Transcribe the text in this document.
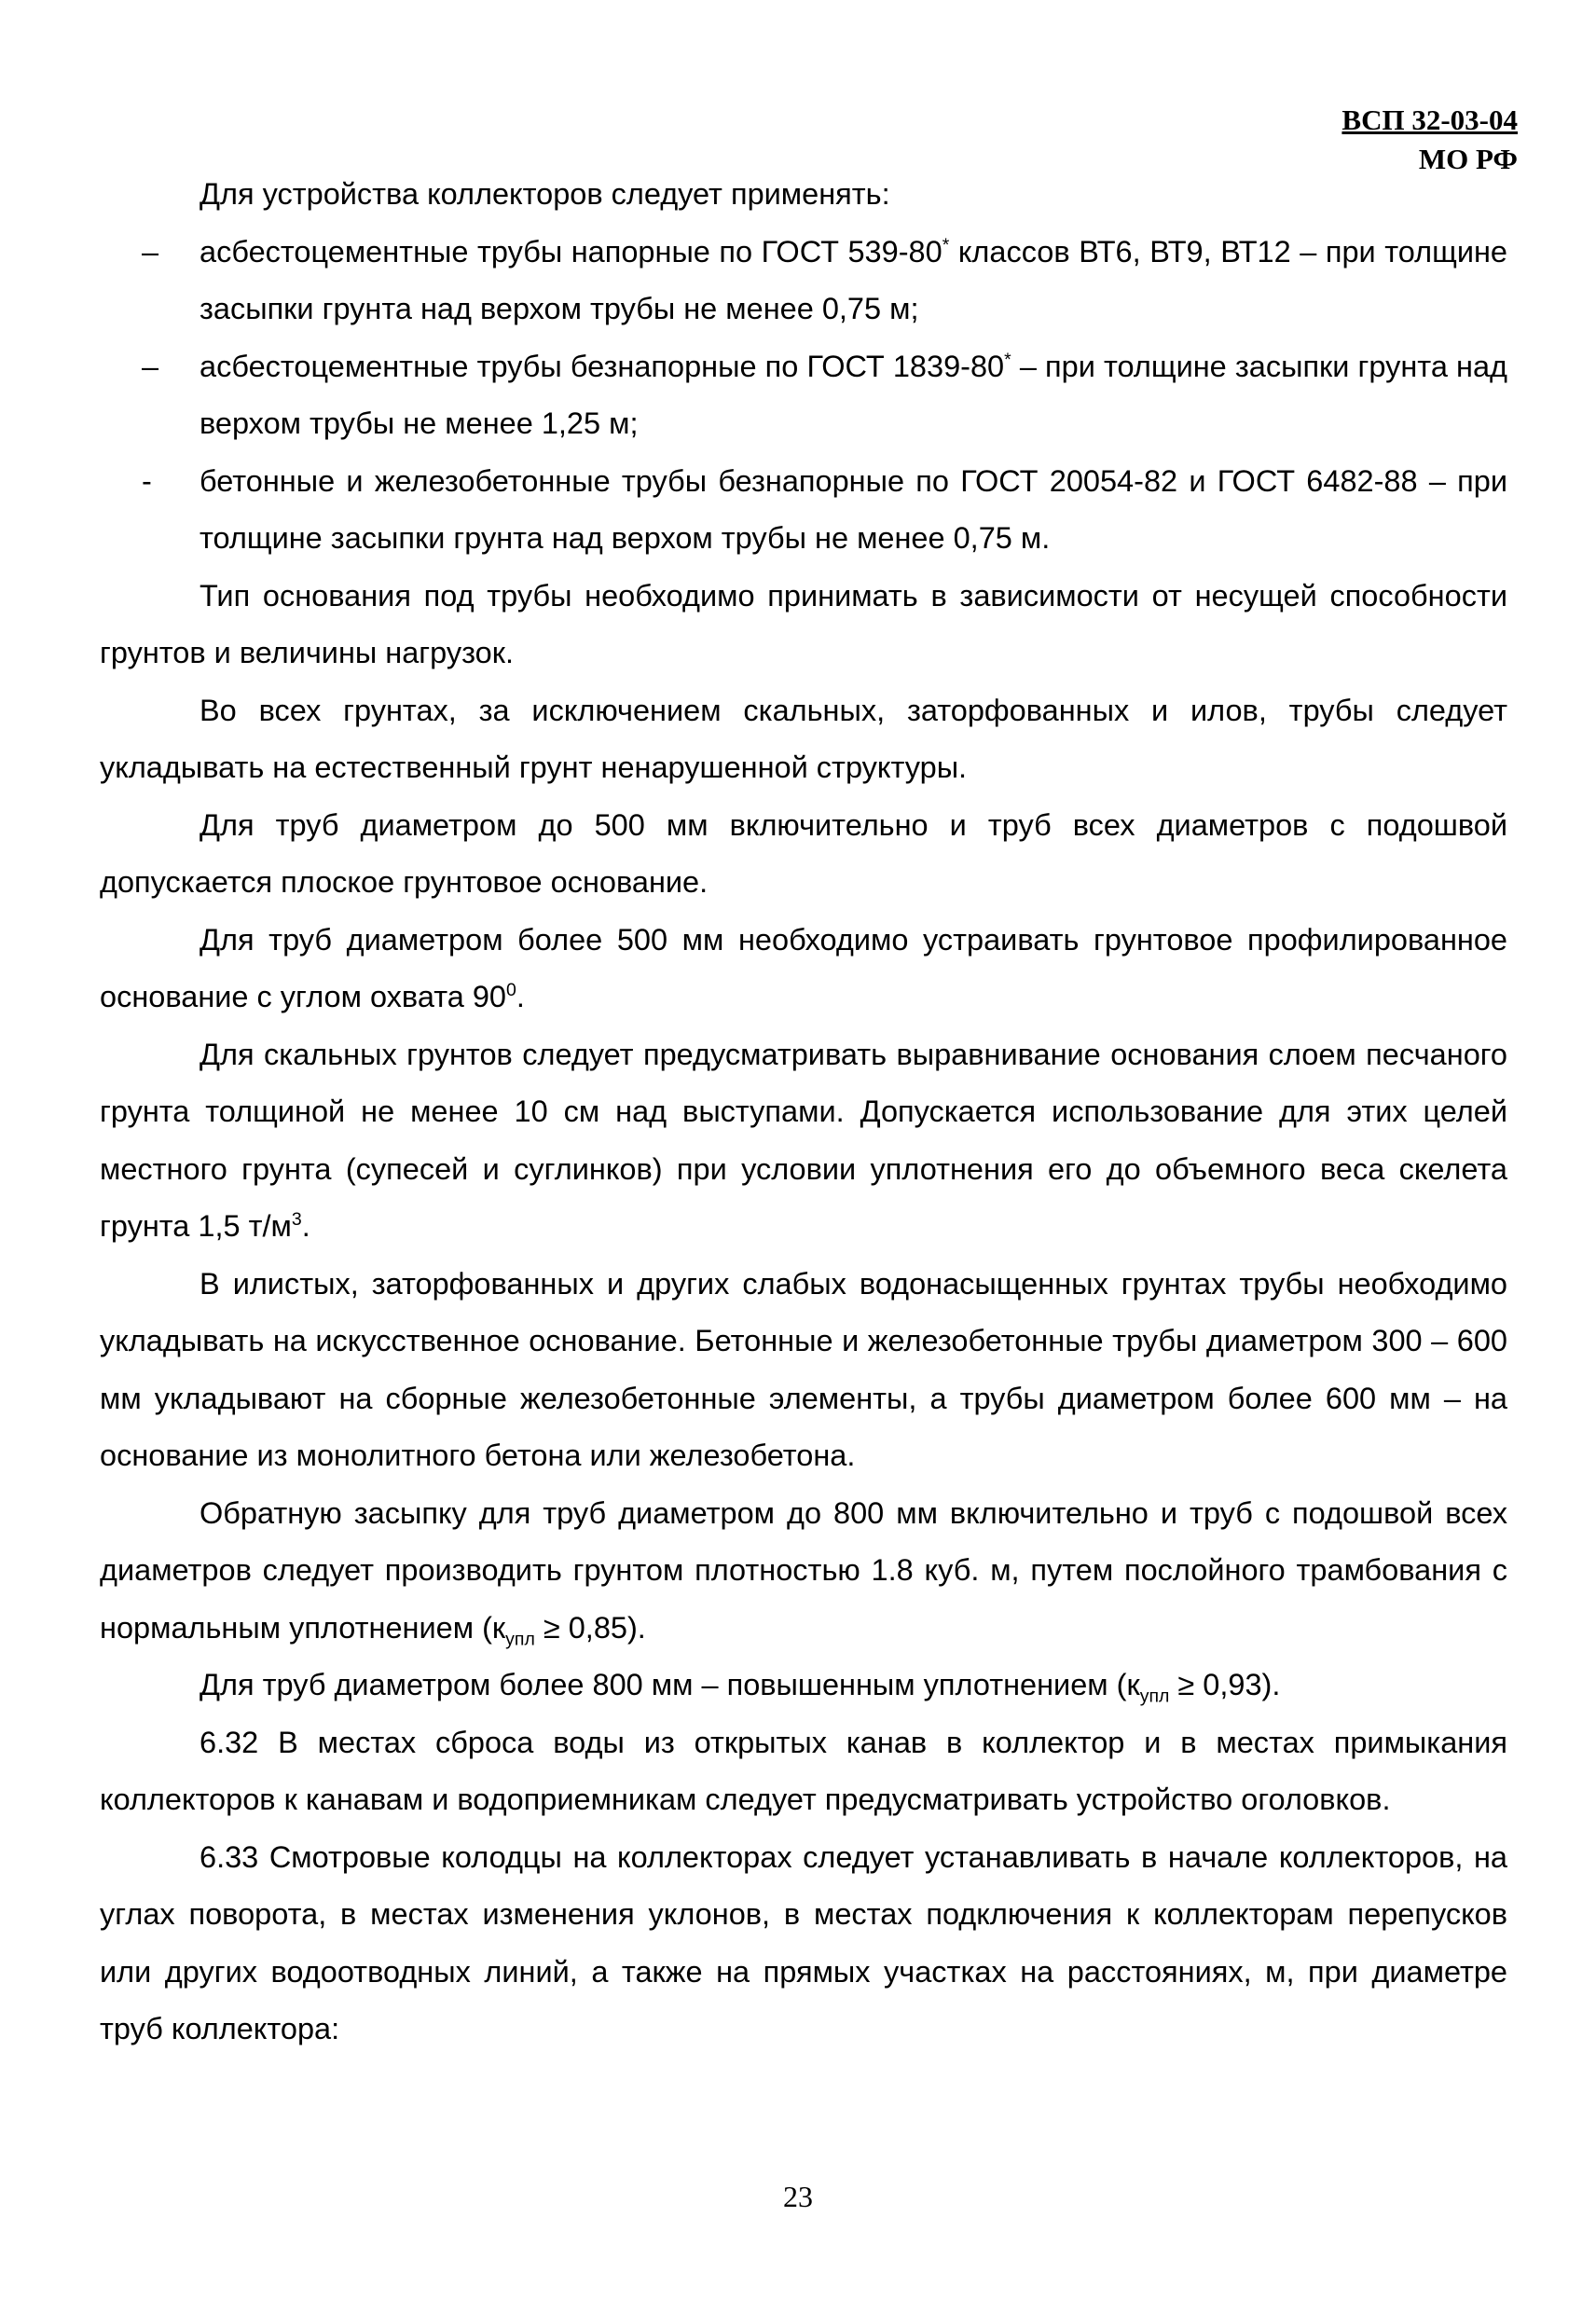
ВСП 32-03-04
МО РФ

Для устройства коллекторов следует применять:

– асбестоцементные трубы напорные по ГОСТ 539-80* классов ВТ6, ВТ9, ВТ12 – при толщине засыпки грунта над верхом трубы не менее 0,75 м;
– асбестоцементные трубы безнапорные по ГОСТ 1839-80* – при толщине засыпки грунта над верхом трубы не менее 1,25 м;
- бетонные и железобетонные трубы безнапорные по ГОСТ 20054-82 и ГОСТ 6482-88 – при толщине засыпки грунта над верхом трубы не менее 0,75 м.

Тип основания под трубы необходимо принимать в зависимости от несущей способности грунтов и величины нагрузок.

Во всех грунтах, за исключением скальных, заторфованных и илов, трубы следует укладывать на естественный грунт ненарушенной структуры.

Для труб диаметром до 500 мм включительно и труб всех диаметров с подошвой допускается плоское грунтовое основание.

Для труб диаметром более 500 мм необходимо устраивать грунтовое профилированное основание с углом охвата $90^0$.

Для скальных грунтов следует предусматривать выравнивание основания слоем песчаного грунта толщиной не менее 10 см над выступами. Допускается использование для этих целей местного грунта (супесей и суглинков) при условии уплотнения его до объемного веса скелета грунта 1,5 $т/м^3$.

В илистых, заторфованных и других слабых водонасыщенных грунтах трубы необходимо укладывать на искусственное основание. Бетонные и железобетонные трубы диаметром 300 – 600 мм укладывают на сборные железобетонные элементы, а трубы диаметром более 600 мм – на основание из монолитного бетона или железобетона.

Обратную засыпку для труб диаметром до 800 мм включительно и труб с подошвой всех диаметров следует производить грунтом плотностью 1.8 куб. м, путем послойного трамбования с нормальным уплотнением $(к_{упл} \ge 0,85)$.

Для труб диаметром более 800 мм – повышенным уплотнением $(к_{упл} \ge 0,93)$.

6.32 В местах сброса воды из открытых канав в коллектор и в местах примыкания коллекторов к канавам и водоприемникам следует предусматривать устройство оголовков.

6.33 Смотровые колодцы на коллекторах следует устанавливать в начале коллекторов, на углах поворота, в местах изменения уклонов, в местах подключения к коллекторам перепусков или других водоотводных линий, а также на прямых участках на расстояниях, м, при диаметре труб коллектора:

23
